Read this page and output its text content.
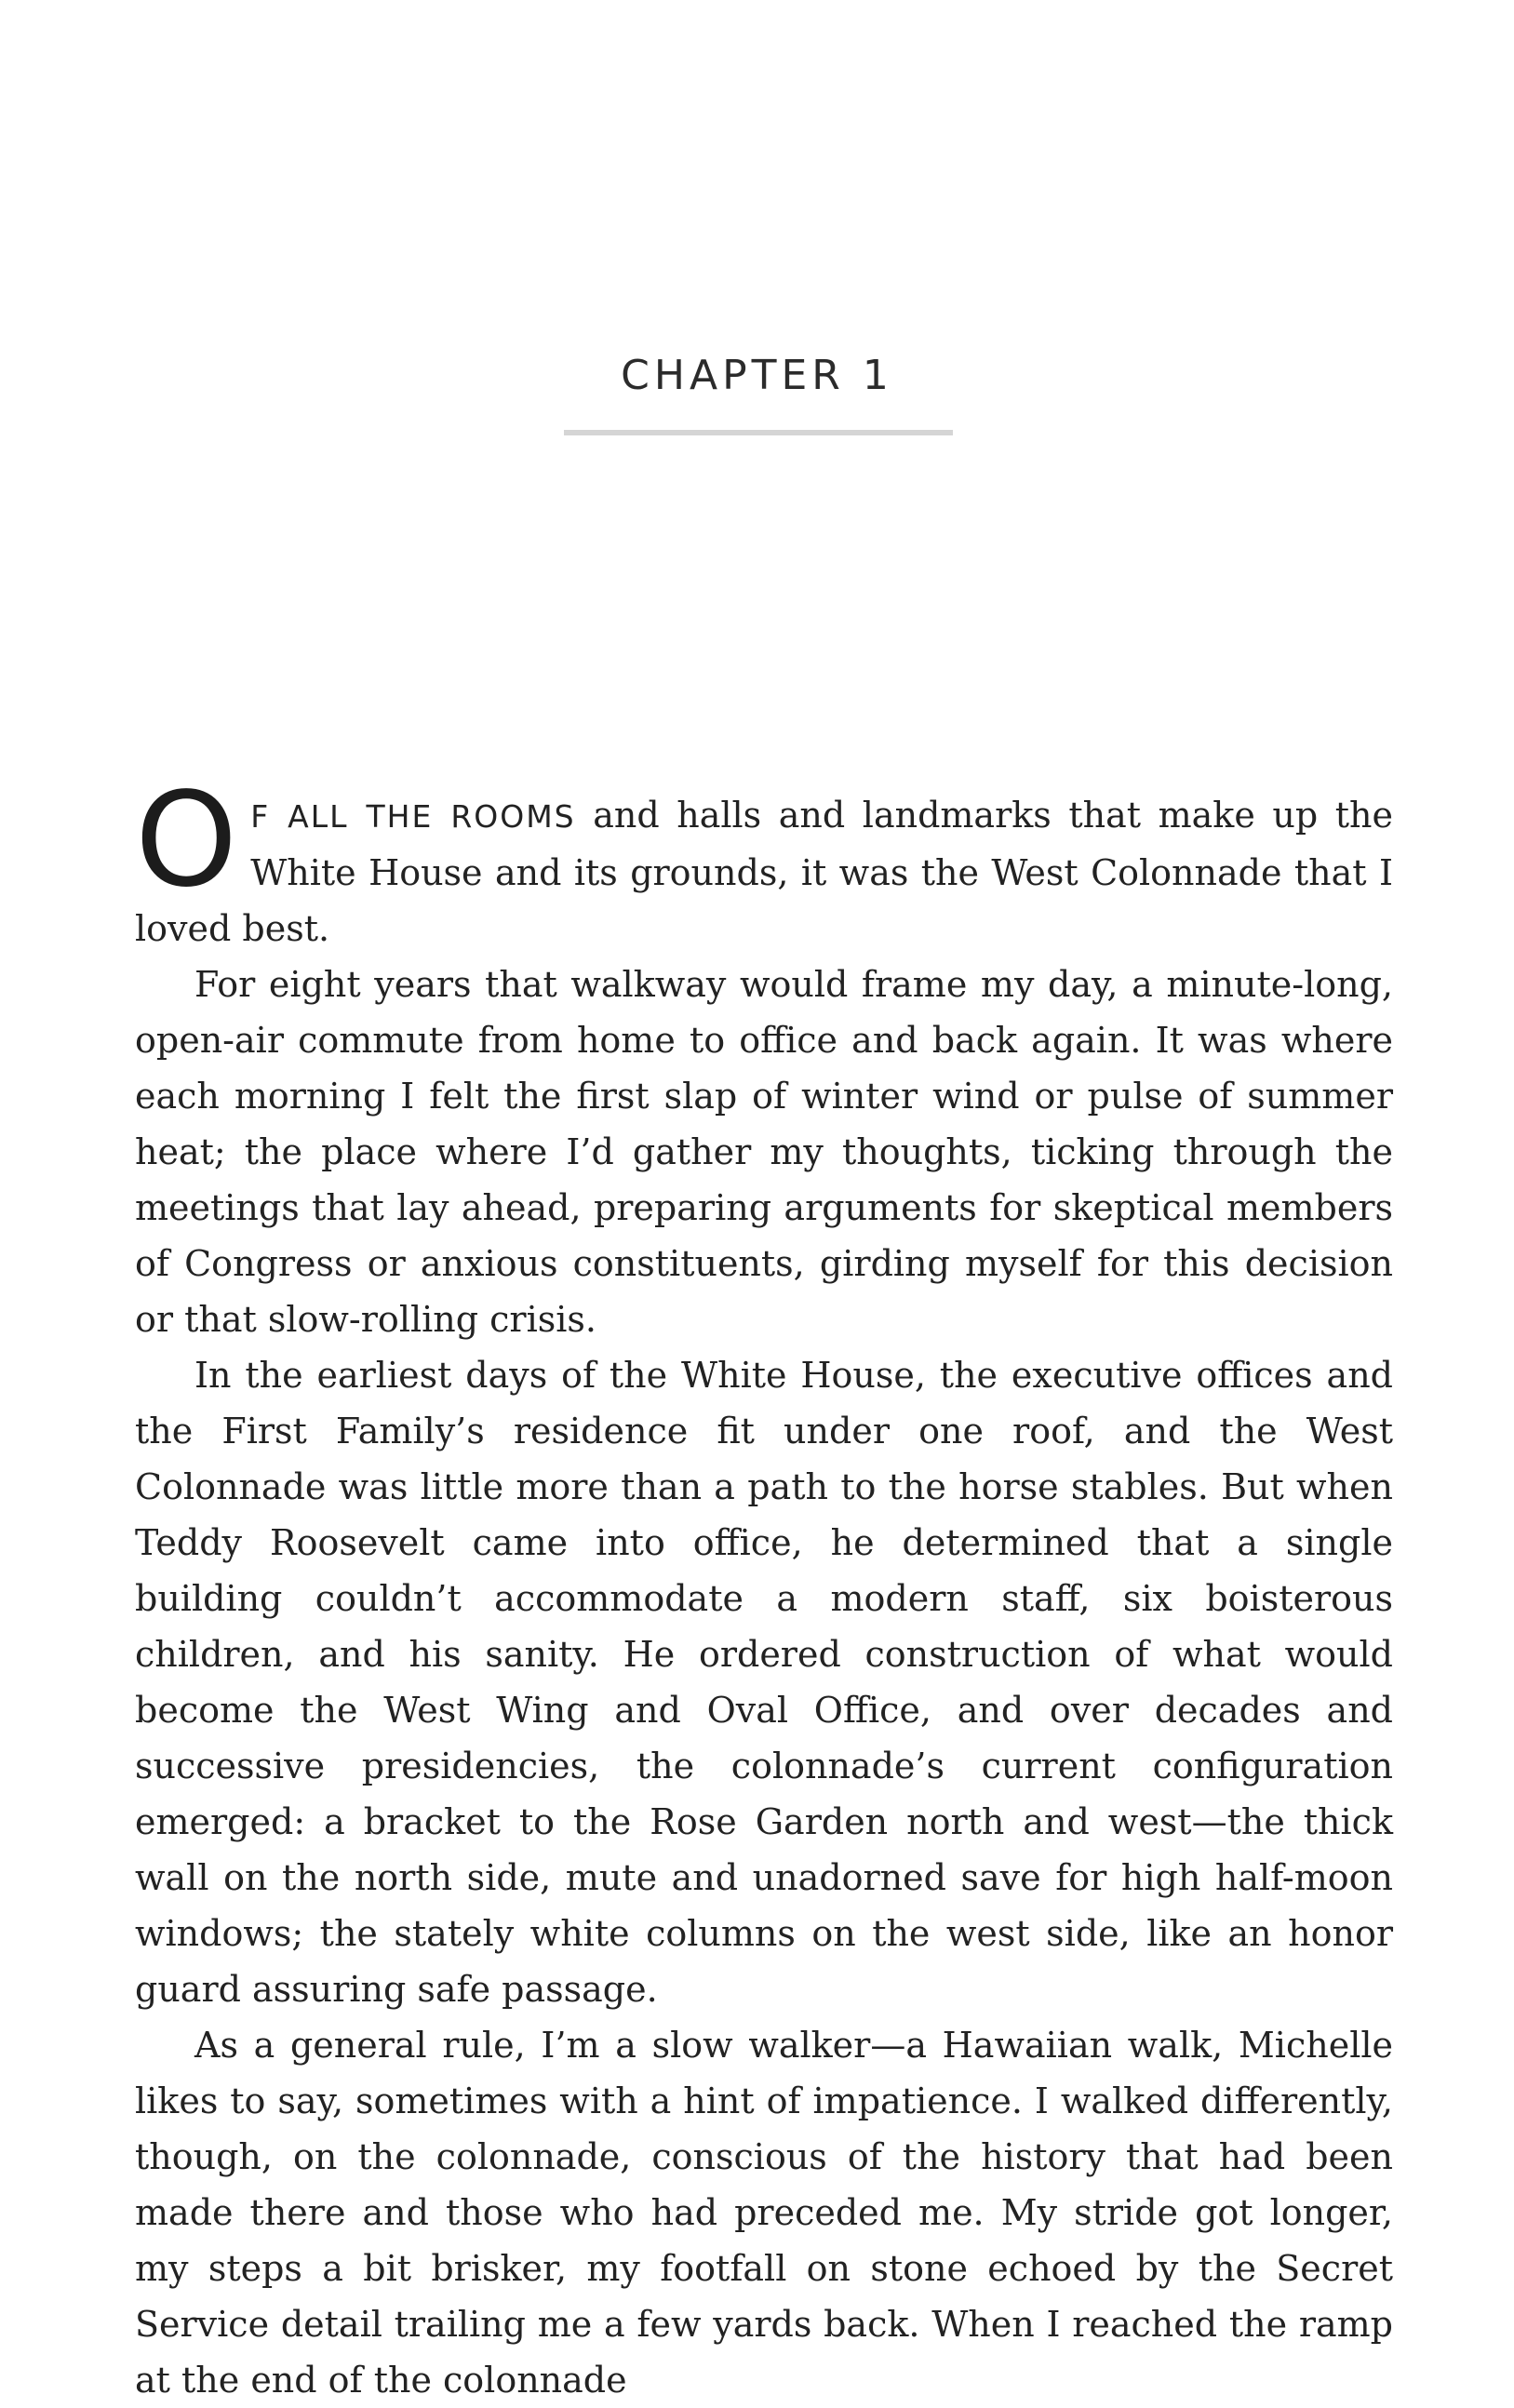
CHAPTER 1

O F ALL THE ROOMS and halls and landmarks that make up the White House and its grounds, it was the West Colonnade that I loved best.

For eight years that walkway would frame my day, a minute-long, open-air commute from home to office and back again. It was where each morning I felt the first slap of winter wind or pulse of summer heat; the place where I’d gather my thoughts, ticking through the meetings that lay ahead, preparing arguments for skeptical members of Congress or anxious constituents, girding myself for this decision or that slow-rolling crisis.

In the earliest days of the White House, the executive offices and the First Family’s residence fit under one roof, and the West Colonnade was little more than a path to the horse stables. But when Teddy Roosevelt came into office, he determined that a single building couldn’t accommodate a modern staff, six boisterous children, and his sanity. He ordered construction of what would become the West Wing and Oval Office, and over decades and successive presidencies, the colonnade’s current configuration emerged: a bracket to the Rose Garden north and west—the thick wall on the north side, mute and unadorned save for high half-moon windows; the stately white columns on the west side, like an honor guard assuring safe passage.

As a general rule, I’m a slow walker—a Hawaiian walk, Michelle likes to say, sometimes with a hint of impatience. I walked differently, though, on the colonnade, conscious of the history that had been made there and those who had preceded me. My stride got longer, my steps a bit brisker, my footfall on stone echoed by the Secret Service detail trailing me a few yards back. When I reached the ramp at the end of the colonnade
